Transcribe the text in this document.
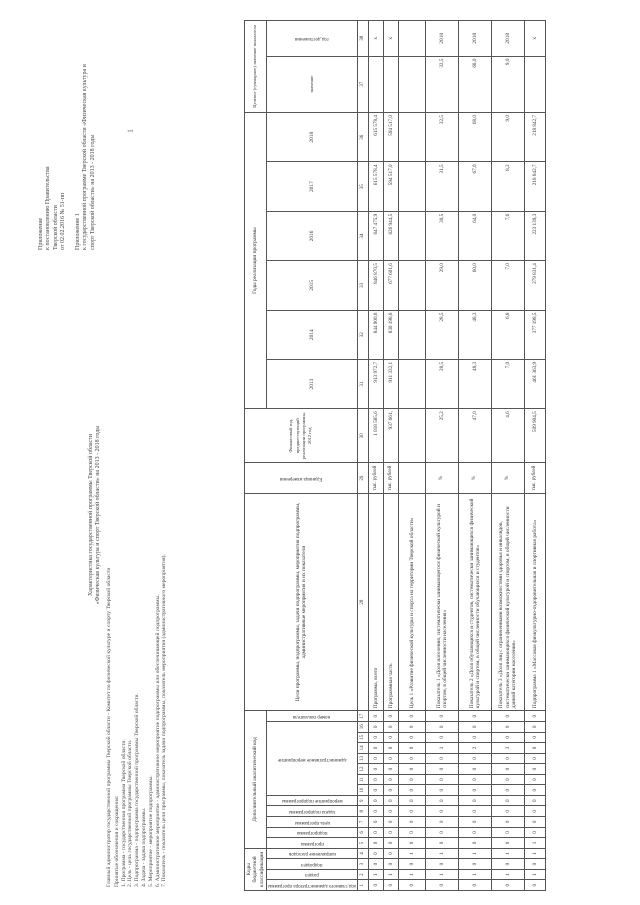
1
Приложение к постановлению Правительства Тверской области от 02.02.2016 № 51-пп
Приложение 1 к государственной программе Тверской области «Физическая культура и спорт Тверской области» на 2013 - 2018 годы
Характеристика государственной программы Тверской области «Физическая культура и спорт Тверской области» на 2013 - 2018 годы
Главный администратор государственной программы Тверской области - Комитет по физической культуре и спорту Тверской области Принятые обозначения и сокращения: 1. Программа - государственная программа Тверской области. 2. Цель - цель государственной программы Тверской области. 3. Подпрограмма - подпрограмма государственной программы Тверской области. 4. Задача - задача подпрограммы. 5. Мероприятие - мероприятие подпрограммы. 6. Административное мероприятие - административное мероприятие подпрограммы или обеспечивающей подпрограммы. 7. Показатель - показатель цели программы, показатель задачи подпрограммы, показатель мероприятия (административного мероприятия).	Коды бюджетной классификации				Дополнительный аналитический код													Цели программы, подпрограммы, задачи подпрограммы, мероприятия подпрограммы, административные мероприятия и их показатели	Единица измерения	Финансовый год, предшествующий реализации программы, 2012 год	Годы реализации программы						Целевое (суммарное) значение показателя	

код главного администратора программы	раздел	подраздел	направление расходов	программа	подпрограмма	цель программы	задача подпрограммы	мероприятие подпрограммы	административное мероприятие							номер показателя				2013	2014	2015	2016	2017	2018	значение	год достижения

1	2	3	4	5	6	7	8	9	10	11	12	13	14	15	16	17	28	29	30	31	32	33	34	35	36	37	38
0	1	0	0	0	0	0	0	0	0	0	0	0	0	0	0	0	Программа, всего	тыс. рублей	1 018 585,6	913 972,7	844 900,8	846 870,5	647 475,9	615 578,4	615 578,4		х
0	1	0	0	0	0	0	0	0	0	0	0	0	0	0	0	0	Программная часть	тыс. рублей	937 661,	911 332,1	830 198,8	677 601,6	626 944,5	594 517,0	594 517,0		х
0	1	0	1	0	0	0	0	0	0	0	0	0	0	0	0	0	Цель 1 «Развитие физической культуры и спорта на территории Тверской области»										
0	1	0	1	0	0	0	0	0	0	0	0	0	1	0	0	0	Показатель 1 «Доля населения, систематически занимающегося физической культурой и спортом, в общей численности населения»	%	25,2	28,5	28,5	29,0	30,5	31,5	32,5	32,5	2018
0	1	0	1	0	0	0	0	0	0	0	0	0	2	0	0	0	Показатель 2 «Доля обучающихся и студентов, систематически занимающихся физической культурой и спортом, в общей численности обучающихся и студентов»	%	47,0	48,3	48,3	60,0	64,0	67,0	68,0	68,0	2018
0	1	0	1	0	0	0	0	0	0	0	0	0	3	0	0	0	Показатель 3 «Доля лиц с ограниченными возможностями здоровья и инвалидов, систематически занимающихся физической культурой и спортом, в общей численности данной категории населения»	%	4,6	7,0	6,8	7,0	7,6	8,2	9,0	9,0	2018
0	1	0	1	1	0	0	0	0	0	0	0	0	0	0	0	0	Подпрограмма 1 «Массовая физкультурно-оздоровительная и спортивная работа»	тыс. рублей	509 904,5	461 363,9	377 198,5	279 831,4	223 139,3	218 842,7	218 842,7		х
